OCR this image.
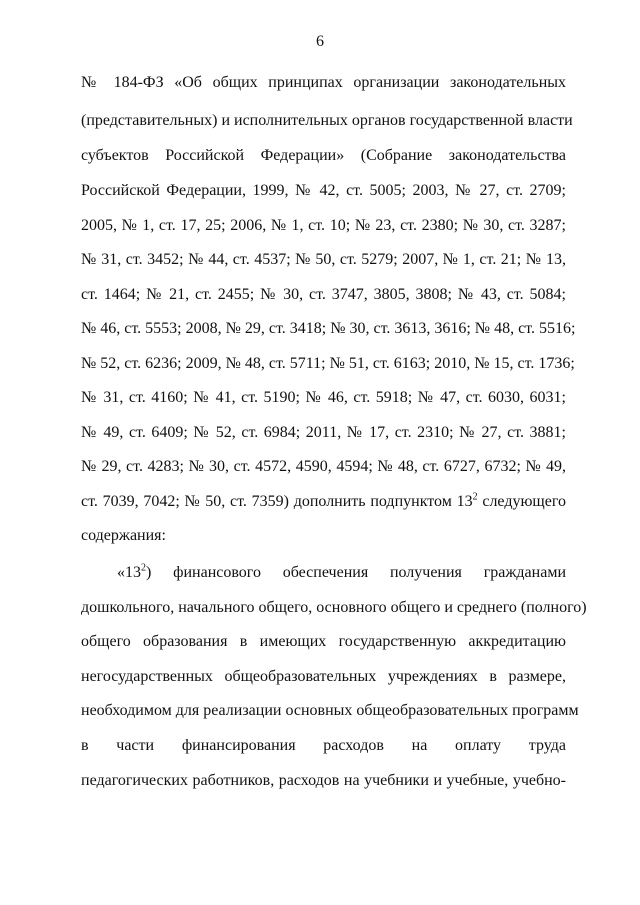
6
№ 184-ФЗ «Об общих принципах организации законодательных
(представительных) и исполнительных органов государственной власти
субъектов Российской Федерации» (Собрание законодательства
Российской Федерации, 1999, № 42, ст. 5005; 2003, № 27, ст. 2709;
2005, № 1, ст. 17, 25; 2006, № 1, ст. 10; № 23, ст. 2380; № 30, ст. 3287;
№ 31, ст. 3452; № 44, ст. 4537; № 50, ст. 5279; 2007, № 1, ст. 21; № 13,
ст. 1464; № 21, ст. 2455; № 30, ст. 3747, 3805, 3808; № 43, ст. 5084;
№ 46, ст. 5553; 2008, № 29, ст. 3418; № 30, ст. 3613, 3616; № 48, ст. 5516;
№ 52, ст. 6236; 2009, № 48, ст. 5711; № 51, ст. 6163; 2010, № 15, ст. 1736;
№ 31, ст. 4160; № 41, ст. 5190; № 46, ст. 5918; № 47, ст. 6030, 6031;
№ 49, ст. 6409; № 52, ст. 6984; 2011, № 17, ст. 2310; № 27, ст. 3881;
№ 29, ст. 4283; № 30, ст. 4572, 4590, 4594; № 48, ст. 6727, 6732; № 49,
ст. 7039, 7042; № 50, ст. 7359) дополнить подпунктом $13^2$ следующего
содержания:
«$13^2$) финансового обеспечения получения гражданами
дошкольного, начального общего, основного общего и среднего (полного)
общего образования в имеющих государственную аккредитацию
негосударственных общеобразовательных учреждениях в размере,
необходимом для реализации основных общеобразовательных программ
в части финансирования расходов на оплату труда
педагогических работников, расходов на учебники и учебные, учебно-
